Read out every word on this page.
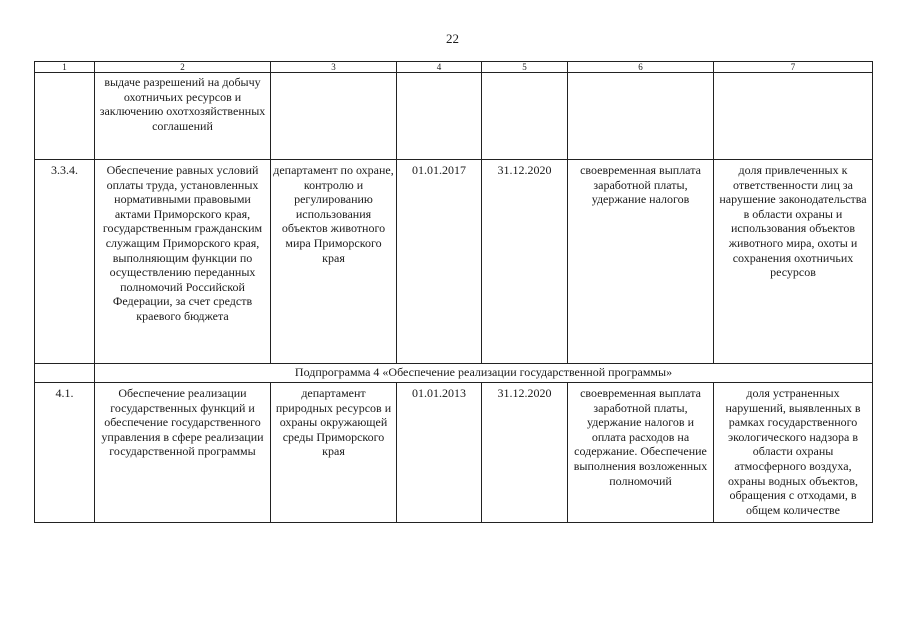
22
1	2	3	4	5	6	7
	выдаче разрешений на добычу охотничьих ресурсов и заключению охотхозяйственных соглашений					
3.3.4.	Обеспечение равных условий оплаты труда, установленных нормативными правовыми актами Приморского края, государственным гражданским служащим Приморского края, выполняющим функции по осуществлению переданных полномочий Российской Федерации, за счет средств краевого бюджета	департамент по охране, контролю и регулированию использования объектов животного мира Приморского края	01.01.2017	31.12.2020	своевременная выплата заработной платы, удержание налогов	доля привлеченных к ответственности лиц за нарушение законодательства в области охраны и использования объектов животного мира, охоты и сохранения охотничьих ресурсов
	Подпрограмма 4 «Обеспечение реализации государственной программы»					
4.1.	Обеспечение реализации государственных функций и обеспечение государственного управления в сфере реализации государственной программы	департамент природных ресурсов и охраны окружающей среды Приморского края	01.01.2013	31.12.2020	своевременная выплата заработной платы, удержание налогов и оплата расходов на содержание. Обеспечение выполнения возложенных полномочий	доля устраненных нарушений, выявленных в рамках государственного экологического надзора в области охраны атмосферного воздуха, охраны водных объектов, обращения с отходами, в общем количестве
